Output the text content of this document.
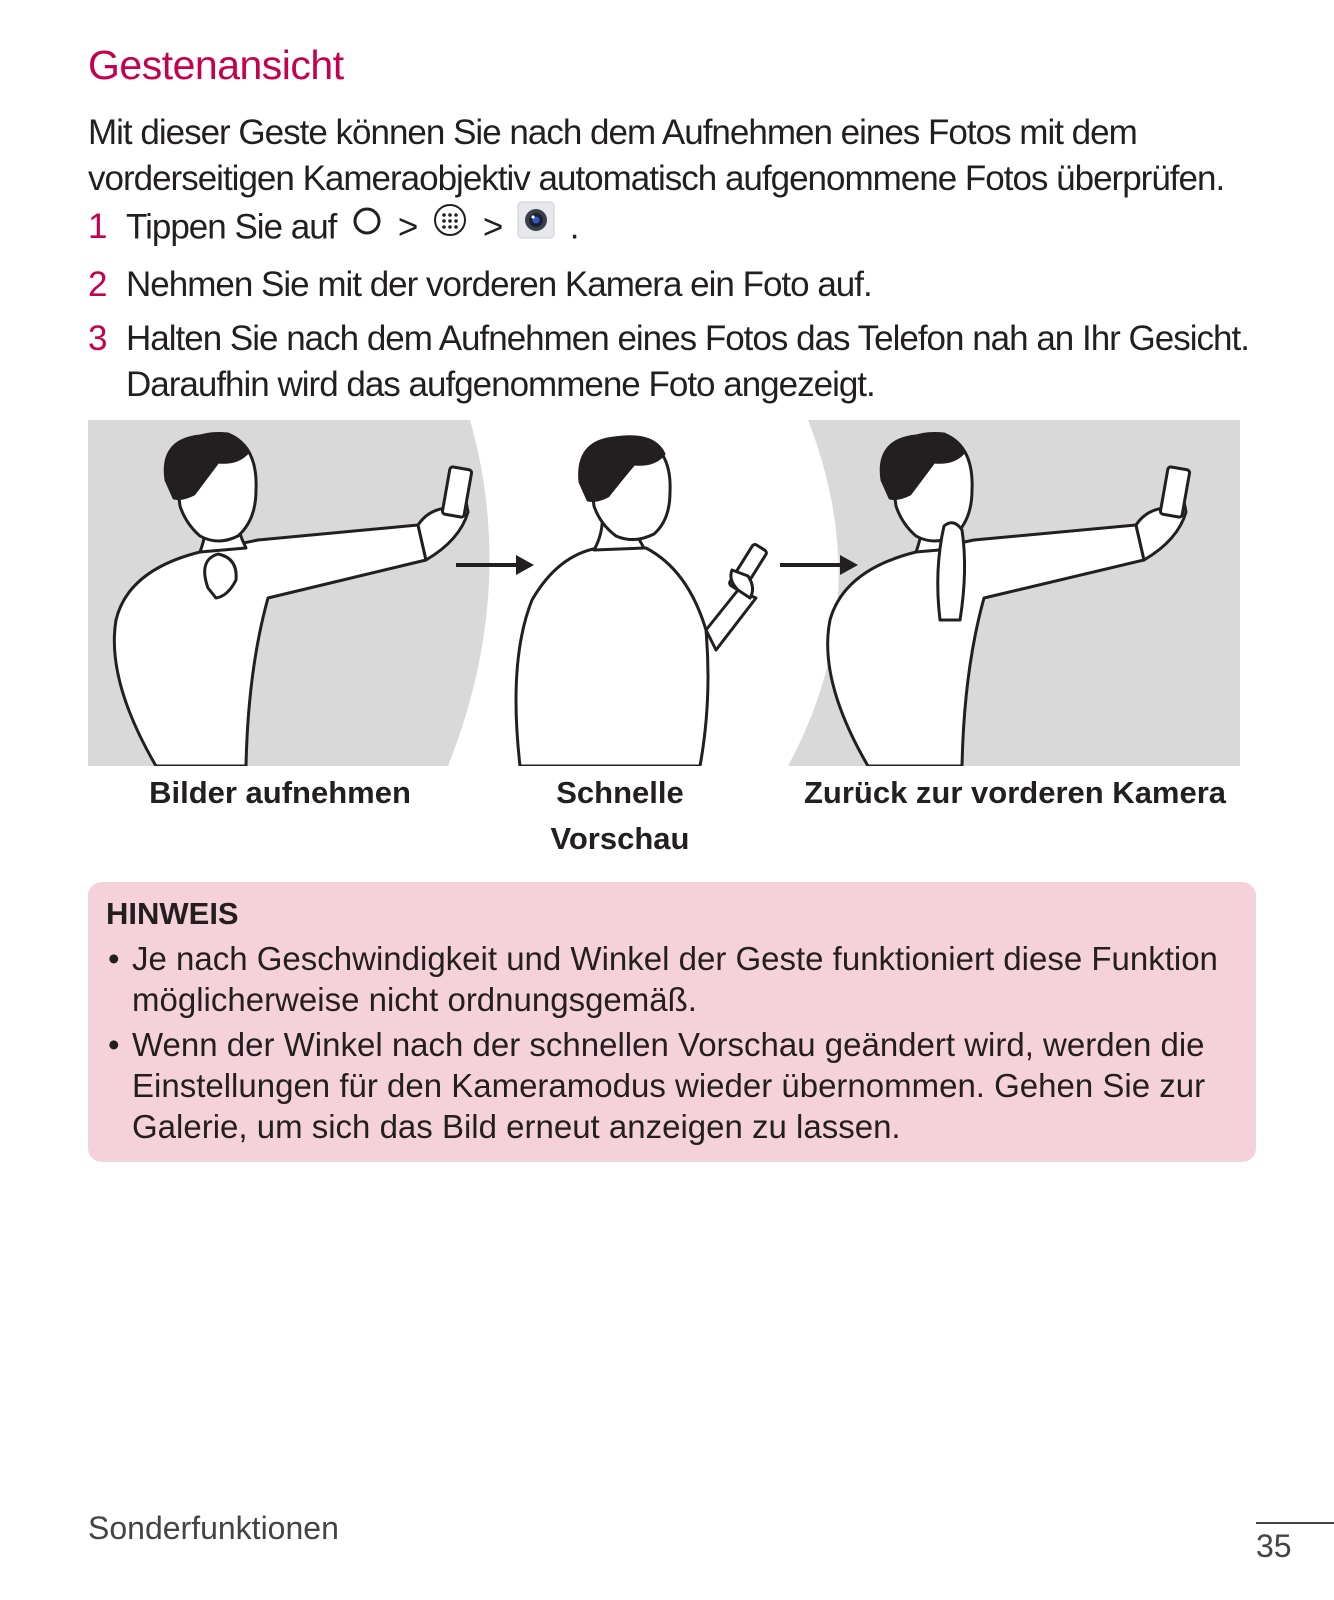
Gestenansicht

Mit dieser Geste können Sie nach dem Aufnehmen eines Fotos mit dem vorderseitigen Kameraobjektiv automatisch aufgenommene Fotos überprüfen.

1 Tippen Sie auf > > .
2 Nehmen Sie mit der vorderen Kamera ein Foto auf.
3 Halten Sie nach dem Aufnehmen eines Fotos das Telefon nah an Ihr Gesicht. Daraufhin wird das aufgenommene Foto angezeigt.
Bilder aufnehmen	Schnelle Vorschau
Zurück zur vorderen Kamera
HINWEIS
• Je nach Geschwindigkeit und Winkel der Geste funktioniert diese Funktion möglicherweise nicht ordnungsgemäß.
• Wenn der Winkel nach der schnellen Vorschau geändert wird, werden die Einstellungen für den Kameramodus wieder übernommen. Gehen Sie zur Galerie, um sich das Bild erneut anzeigen zu lassen.
Sonderfunktionen	35
